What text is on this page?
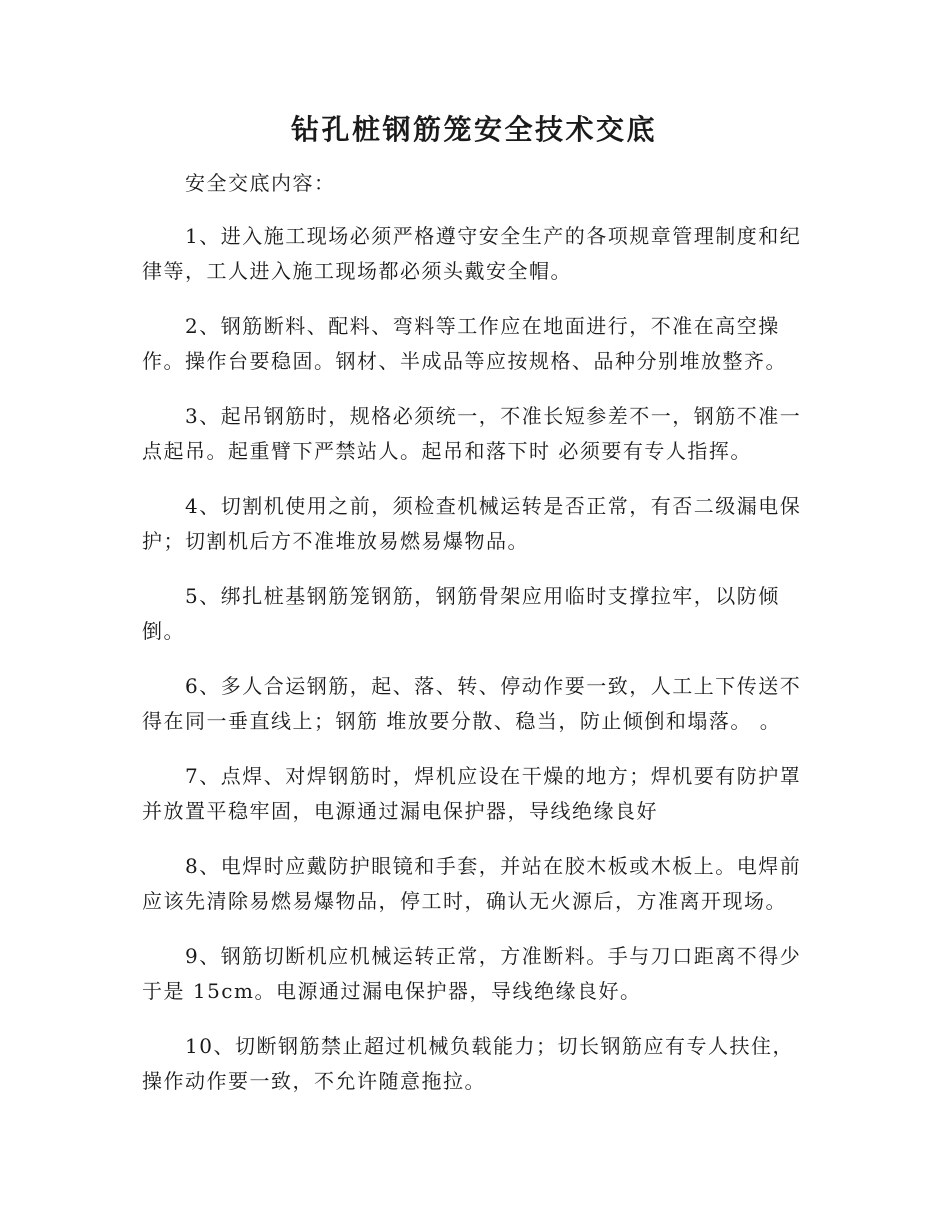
钻孔桩钢筋笼安全技术交底

安全交底内容：

1、进入施工现场必须严格遵守安全生产的各项规章管理制度和纪律等，工人进入施工现场都必须头戴安全帽。

2、钢筋断料、配料、弯料等工作应在地面进行，不准在高空操作。操作台要稳固。钢材、半成品等应按规格、品种分别堆放整齐。

3、起吊钢筋时，规格必须统一，不准长短参差不一，钢筋不准一点起吊。起重臂下严禁站人。起吊和落下时 必须要有专人指挥。

4、切割机使用之前，须检查机械运转是否正常，有否二级漏电保护；切割机后方不准堆放易燃易爆物品。

5、绑扎桩基钢筋笼钢筋，钢筋骨架应用临时支撑拉牢，以防倾倒。

6、多人合运钢筋，起、落、转、停动作要一致，人工上下传送不得在同一垂直线上；钢筋 堆放要分散、稳当，防止倾倒和塌落。 。

7、点焊、对焊钢筋时，焊机应设在干燥的地方；焊机要有防护罩并放置平稳牢固，电源通过漏电保护器，导线绝缘良好

8、电焊时应戴防护眼镜和手套，并站在胶木板或木板上。电焊前应该先清除易燃易爆物品，停工时，确认无火源后，方准离开现场。

9、钢筋切断机应机械运转正常，方准断料。手与刀口距离不得少于是 15cm。电源通过漏电保护器，导线绝缘良好。

10、切断钢筋禁止超过机械负载能力；切长钢筋应有专人扶住，操作动作要一致，不允许随意拖拉。
